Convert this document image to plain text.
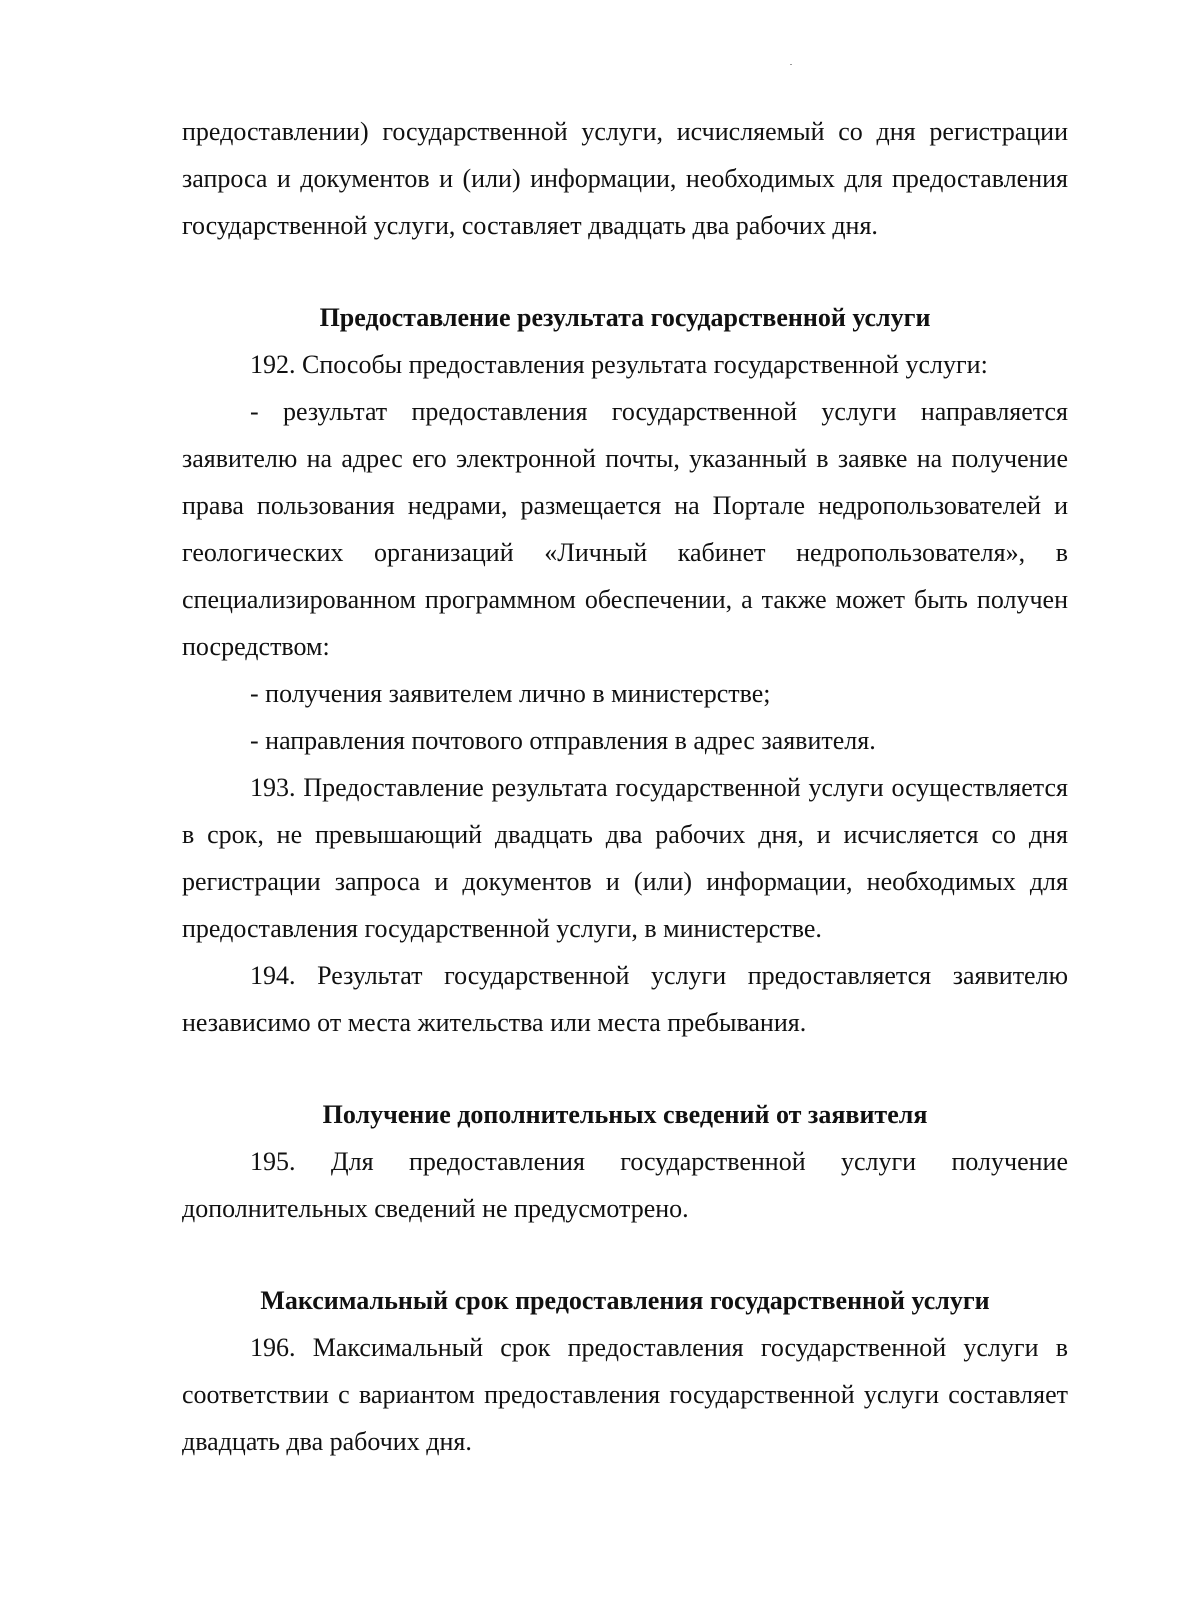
предоставлении) государственной услуги, исчисляемый со дня регистрации запроса и документов и (или) информации, необходимых для предоставления государственной услуги, составляет двадцать два рабочих дня.

Предоставление результата государственной услуги

192. Способы предоставления результата государственной услуги:

- результат предоставления государственной услуги направляется заявителю на адрес его электронной почты, указанный в заявке на получение права пользования недрами, размещается на Портале недропользователей и геологических организаций «Личный кабинет недропользователя», в специализированном программном обеспечении, а также может быть получен посредством:

- получения заявителем лично в министерстве;

- направления почтового отправления в адрес заявителя.

193. Предоставление результата государственной услуги осуществляется в срок, не превышающий двадцать два рабочих дня, и исчисляется со дня регистрации запроса и документов и (или) информации, необходимых для предоставления государственной услуги, в министерстве.

194. Результат государственной услуги предоставляется заявителю независимо от места жительства или места пребывания.

Получение дополнительных сведений от заявителя

195. Для предоставления государственной услуги получение дополнительных сведений не предусмотрено.

Максимальный срок предоставления государственной услуги

196. Максимальный срок предоставления государственной услуги в соответствии с вариантом предоставления государственной услуги составляет двадцать два рабочих дня.
